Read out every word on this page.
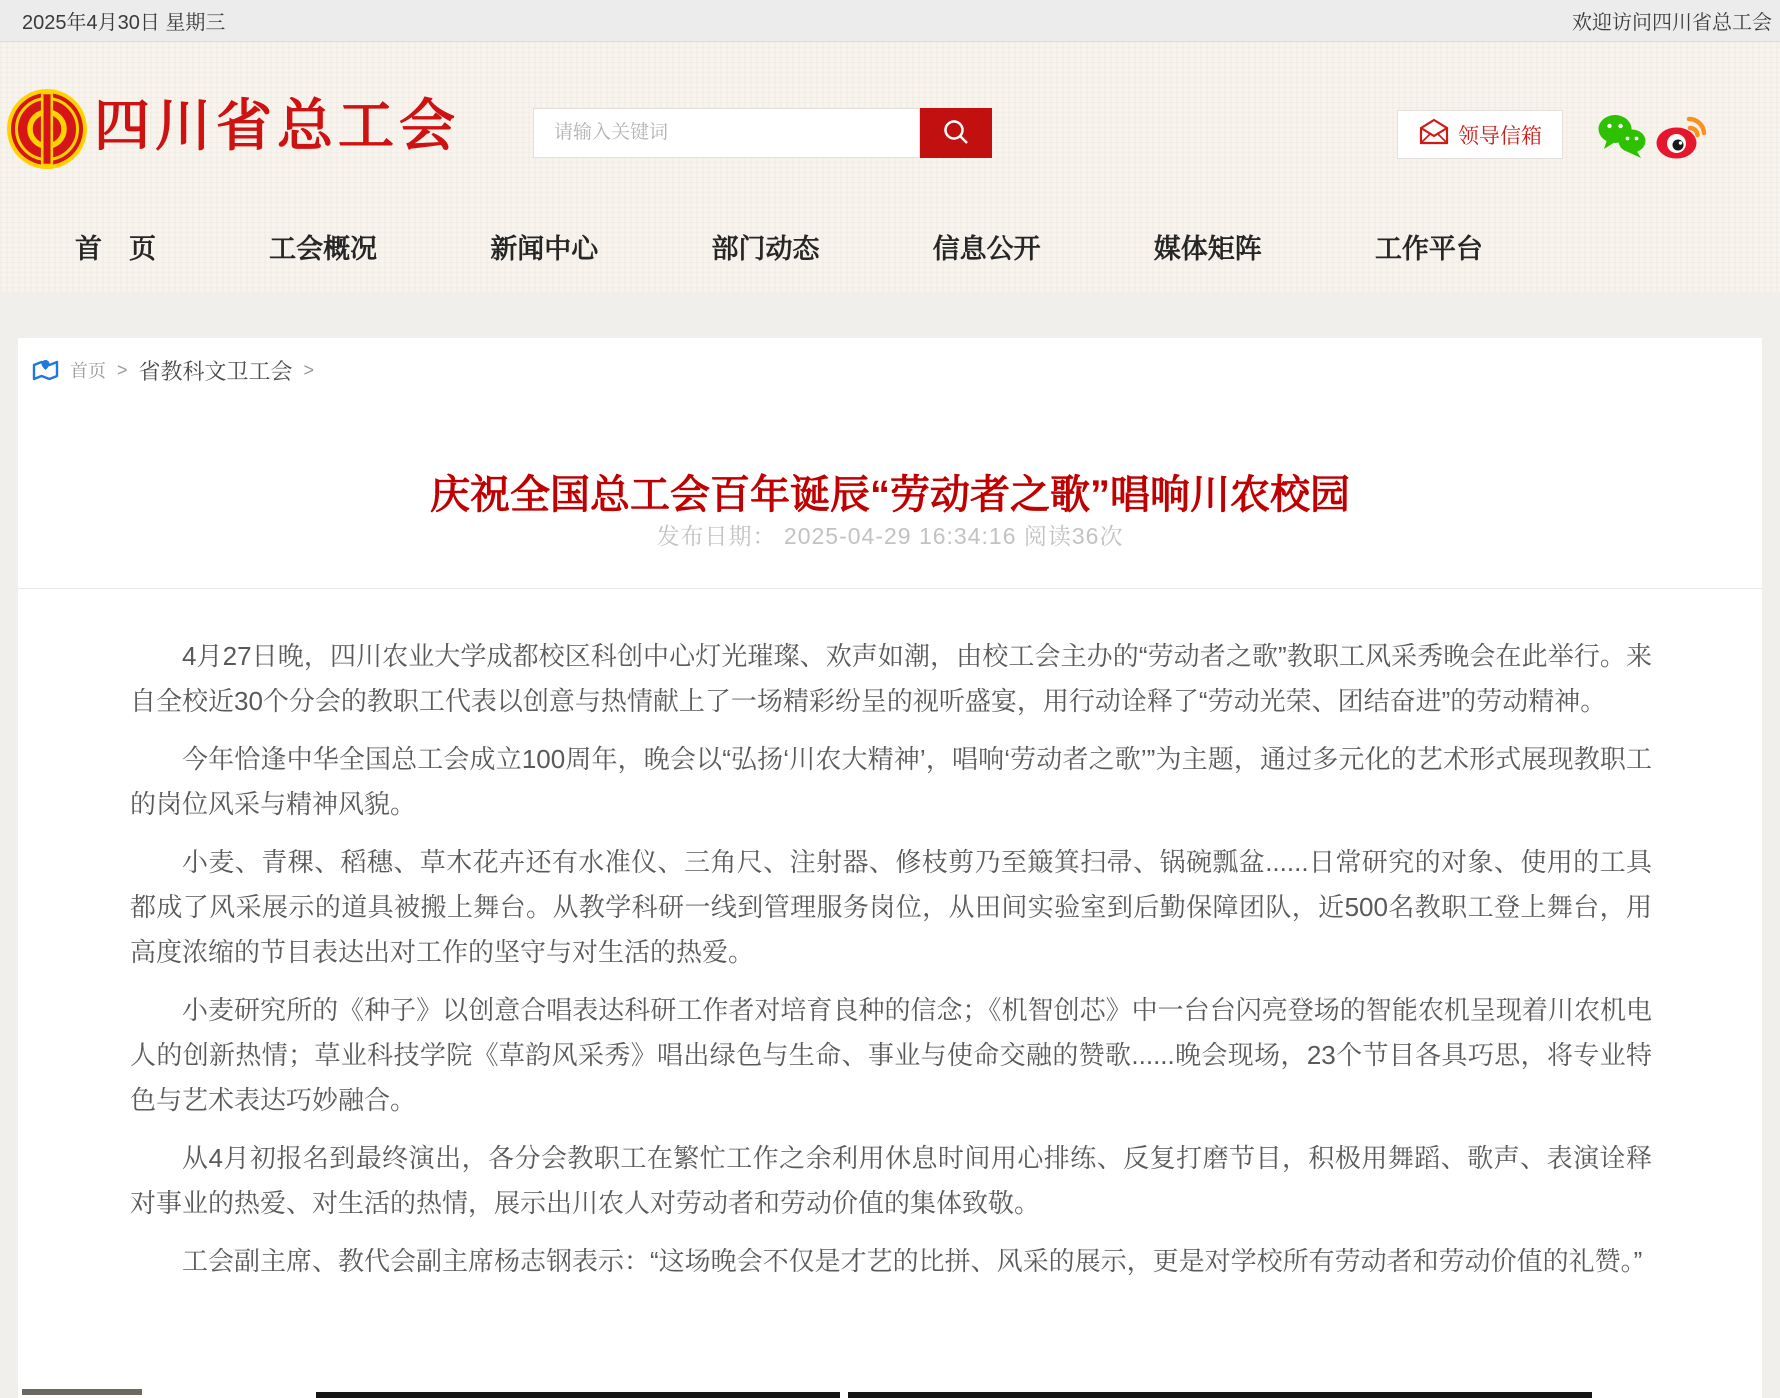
2025年4月30日 星期三	欢迎访问四川省总工会
四川省总工会
请输入关键词	领导信箱
首　页	工会概况	新闻中心	部门动态	信息公开	媒体矩阵	工作平台
首页 > 省教科文卫工会 >
庆祝全国总工会百年诞辰“劳动者之歌”唱响川农校园
发布日期： 2025-04-29 16:34:16 阅读36次

4月27日晚，四川农业大学成都校区科创中心灯光璀璨、欢声如潮，由校工会主办的“劳动者之歌”教职工风采秀晚会在此举行。来自全校近30个分会的教职工代表以创意与热情献上了一场精彩纷呈的视听盛宴，用行动诠释了“劳动光荣、团结奋进”的劳动精神。

今年恰逢中华全国总工会成立100周年，晚会以“弘扬‘川农大精神’，唱响‘劳动者之歌’”为主题，通过多元化的艺术形式展现教职工的岗位风采与精神风貌。

小麦、青稞、稻穗、草木花卉还有水准仪、三角尺、注射器、修枝剪乃至簸箕扫帚、锅碗瓢盆......日常研究的对象、使用的工具都成了风采展示的道具被搬上舞台。从教学科研一线到管理服务岗位，从田间实验室到后勤保障团队，近500名教职工登上舞台，用高度浓缩的节目表达出对工作的坚守与对生活的热爱。

小麦研究所的《种子》以创意合唱表达科研工作者对培育良种的信念；《机智创芯》中一台台闪亮登场的智能农机呈现着川农机电人的创新热情；草业科技学院《草韵风采秀》唱出绿色与生命、事业与使命交融的赞歌......晚会现场，23个节目各具巧思，将专业特色与艺术表达巧妙融合。

从4月初报名到最终演出，各分会教职工在繁忙工作之余利用休息时间用心排练、反复打磨节目，积极用舞蹈、歌声、表演诠释对事业的热爱、对生活的热情，展示出川农人对劳动者和劳动价值的集体致敬。

工会副主席、教代会副主席杨志钢表示：“这场晚会不仅是才艺的比拼、风采的展示，更是对学校所有劳动者和劳动价值的礼赞。”
